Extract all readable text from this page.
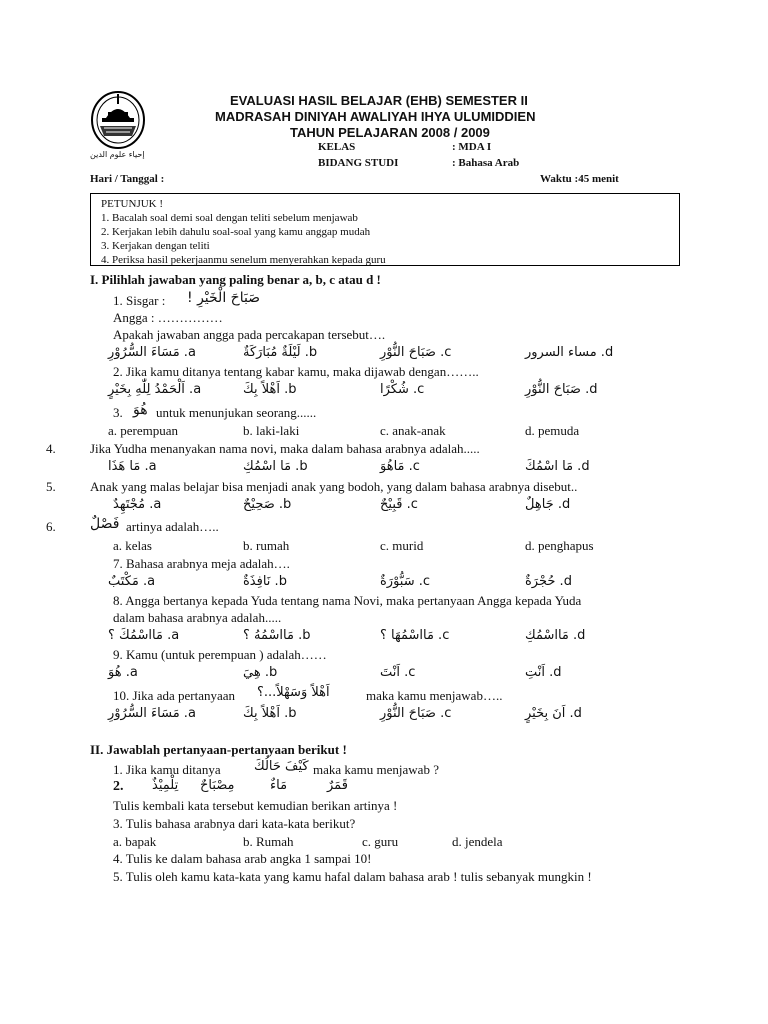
إحياء علوم الدين
EVALUASI HASIL BELAJAR (EHB) SEMESTER II
MADRASAH DINIYAH AWALIYAH IHYA ULUMIDDIEN
TAHUN PELAJARAN 2008 / 2009
KELAS	: MDA I
BIDANG STUDI	: Bahasa Arab
Hari / Tanggal :	Waktu :45 menit
PETUNJUK !
1. Bacalah soal demi soal dengan teliti sebelum menjawab
2. Kerjakan lebih dahulu soal-soal yang kamu anggap mudah
3. Kerjakan dengan teliti
4. Periksa hasil pekerjaanmu senelum menyerahkan kepada guru
I. Pilihlah jawaban yang paling benar a, b, c atau d !
1. Sisgar : صَبَاحَ الْخَيْرِ !
Angga : ……………
Apakah jawaban angga pada percakapan tersebut….
a. مَسَاءَ السُّرُوْرِ	b. لَيْلَةٌ مُبَارَكَةٌ	c. صَبَاحَ النُّوْرِ	d. مساء السرور
2. Jika kamu ditanya tentang kabar kamu, maka dijawab dengan……..
a. اَلْحَمْدُ لِلّٰهِ بِخَيْرٍ	b. اَهْلاً بِكَ	c. شُكْرًا	d. صَبَاحَ النُّوْرِ
3. هُوَ untuk menunjukan seorang......
a. perempuan	b. laki-laki	c. anak-anak	d. pemuda
4.	Jika Yudha menanyakan nama novi, maka dalam bahasa arabnya adalah.....
a. مَا هَذَا	b. مَا اسْمُكِ	c. مَاهُوَ	d. مَا اسْمُكَ
5.	Anak yang malas belajar bisa menjadi anak yang bodoh, yang dalam bahasa arabnya disebut..
a. مُجْتَهِدٌ	b. صَحِيْحٌ	c. قَبِيْحٌ	d. جَاهِلٌ
6. فَصْلٌ artinya adalah…..
a. kelas	b. rumah	c. murid	d. penghapus
7. Bahasa arabnya meja adalah….
a. مَكْتَبٌ	b. نَافِذَةٌ	c. سَبُّوْرَةٌ	d. حُجْرَةٌ
8. Angga bertanya kepada Yuda tentang nama Novi, maka pertanyaan Angga kepada Yuda
dalam bahasa arabnya adalah.....
a. مَااسْمُكَ ؟	b. مَااسْمُهُ ؟	c. مَااسْمُهَا ؟	d. مَااسْمُكِ
9. Kamu (untuk perempuan ) adalah……
a. هُوَ	b. هِيَ	c. اَنْتَ	d. اَنْتِ
10. Jika ada pertanyaan اَهْلاً وَسَهْلاً...؟	maka kamu menjawab…..
a. مَسَاءَ السُّرُوْرِ	b. اَهْلاً بِكَ	c. صَبَاحَ النُّوْرِ	d. اَنَ بِخَيْرٍ
II. Jawablah pertanyaan-pertanyaan berikut !
1. Jika kamu ditanya	كَيْفَ حَالُكَ maka kamu menjawab ?
2. تِلْمِيْذٌ مِصْبَاحٌ	مَاءٌ	قَمَرٌ
Tulis kembali kata tersebut kemudian berikan artinya !
3. Tulis bahasa arabnya dari kata-kata berikut?
a. bapak	b. Rumah	c. guru	d. jendela
4. Tulis ke dalam bahasa arab angka 1 sampai 10!
5. Tulis oleh kamu kata-kata yang kamu hafal dalam bahasa arab ! tulis sebanyak mungkin !
